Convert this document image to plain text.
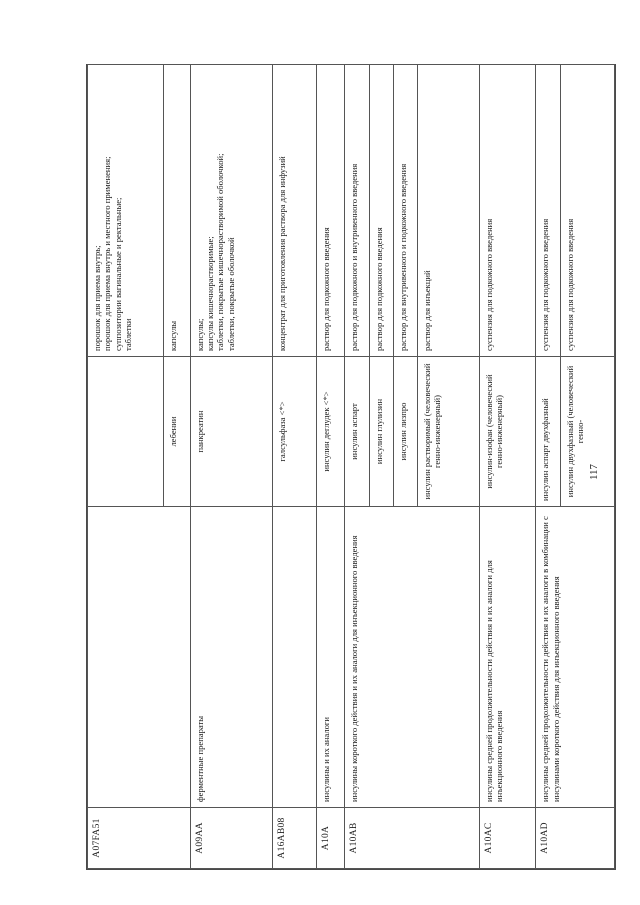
A07FA51			порошок для приема внутрь; порошок для приема внутрь и местного применения; суппозитории вагинальные и ректальные; таблетки

		лебении	капсулы
A09AA	ферментные препараты	панкреатин	капсулы; капсулы кишечнорастворимые; таблетки, покрытые кишечнорастворимой оболочкой; таблетки, покрытые оболочкой

A16AB08		галсульфаза <*>	концентрат для приготовления раствора для инфузий
A10A	инсулины и их аналоги	инсулин деглудек <*>	раствор для подкожного введения
A10AB	инсулины короткого действия и их аналоги для инъекционного введения	инсулин аспарт	раствор для подкожного и внутривенного введения
		инсулин глулизин	раствор для подкожного введения
		инсулин лизпро	раствор для внутривенного и подкожного введения
		инсулин растворимый (человеческий генно-инженерный)	раствор для инъекций
A10AC	инсулины средней продолжительности действия и их аналоги для инъекционного введения	инсулин-изофан (человеческий генно-инженерный)	суспензия для подкожного введения
A10AD	инсулины средней продолжительности действия и их аналоги в комбинации с инсулинами короткого действия для инъекционного введения	инсулин аспарт двухфазный	суспензия для подкожного введения
		инсулин двухфазный (человеческий генно-	суспензия для подкожного введения
117
